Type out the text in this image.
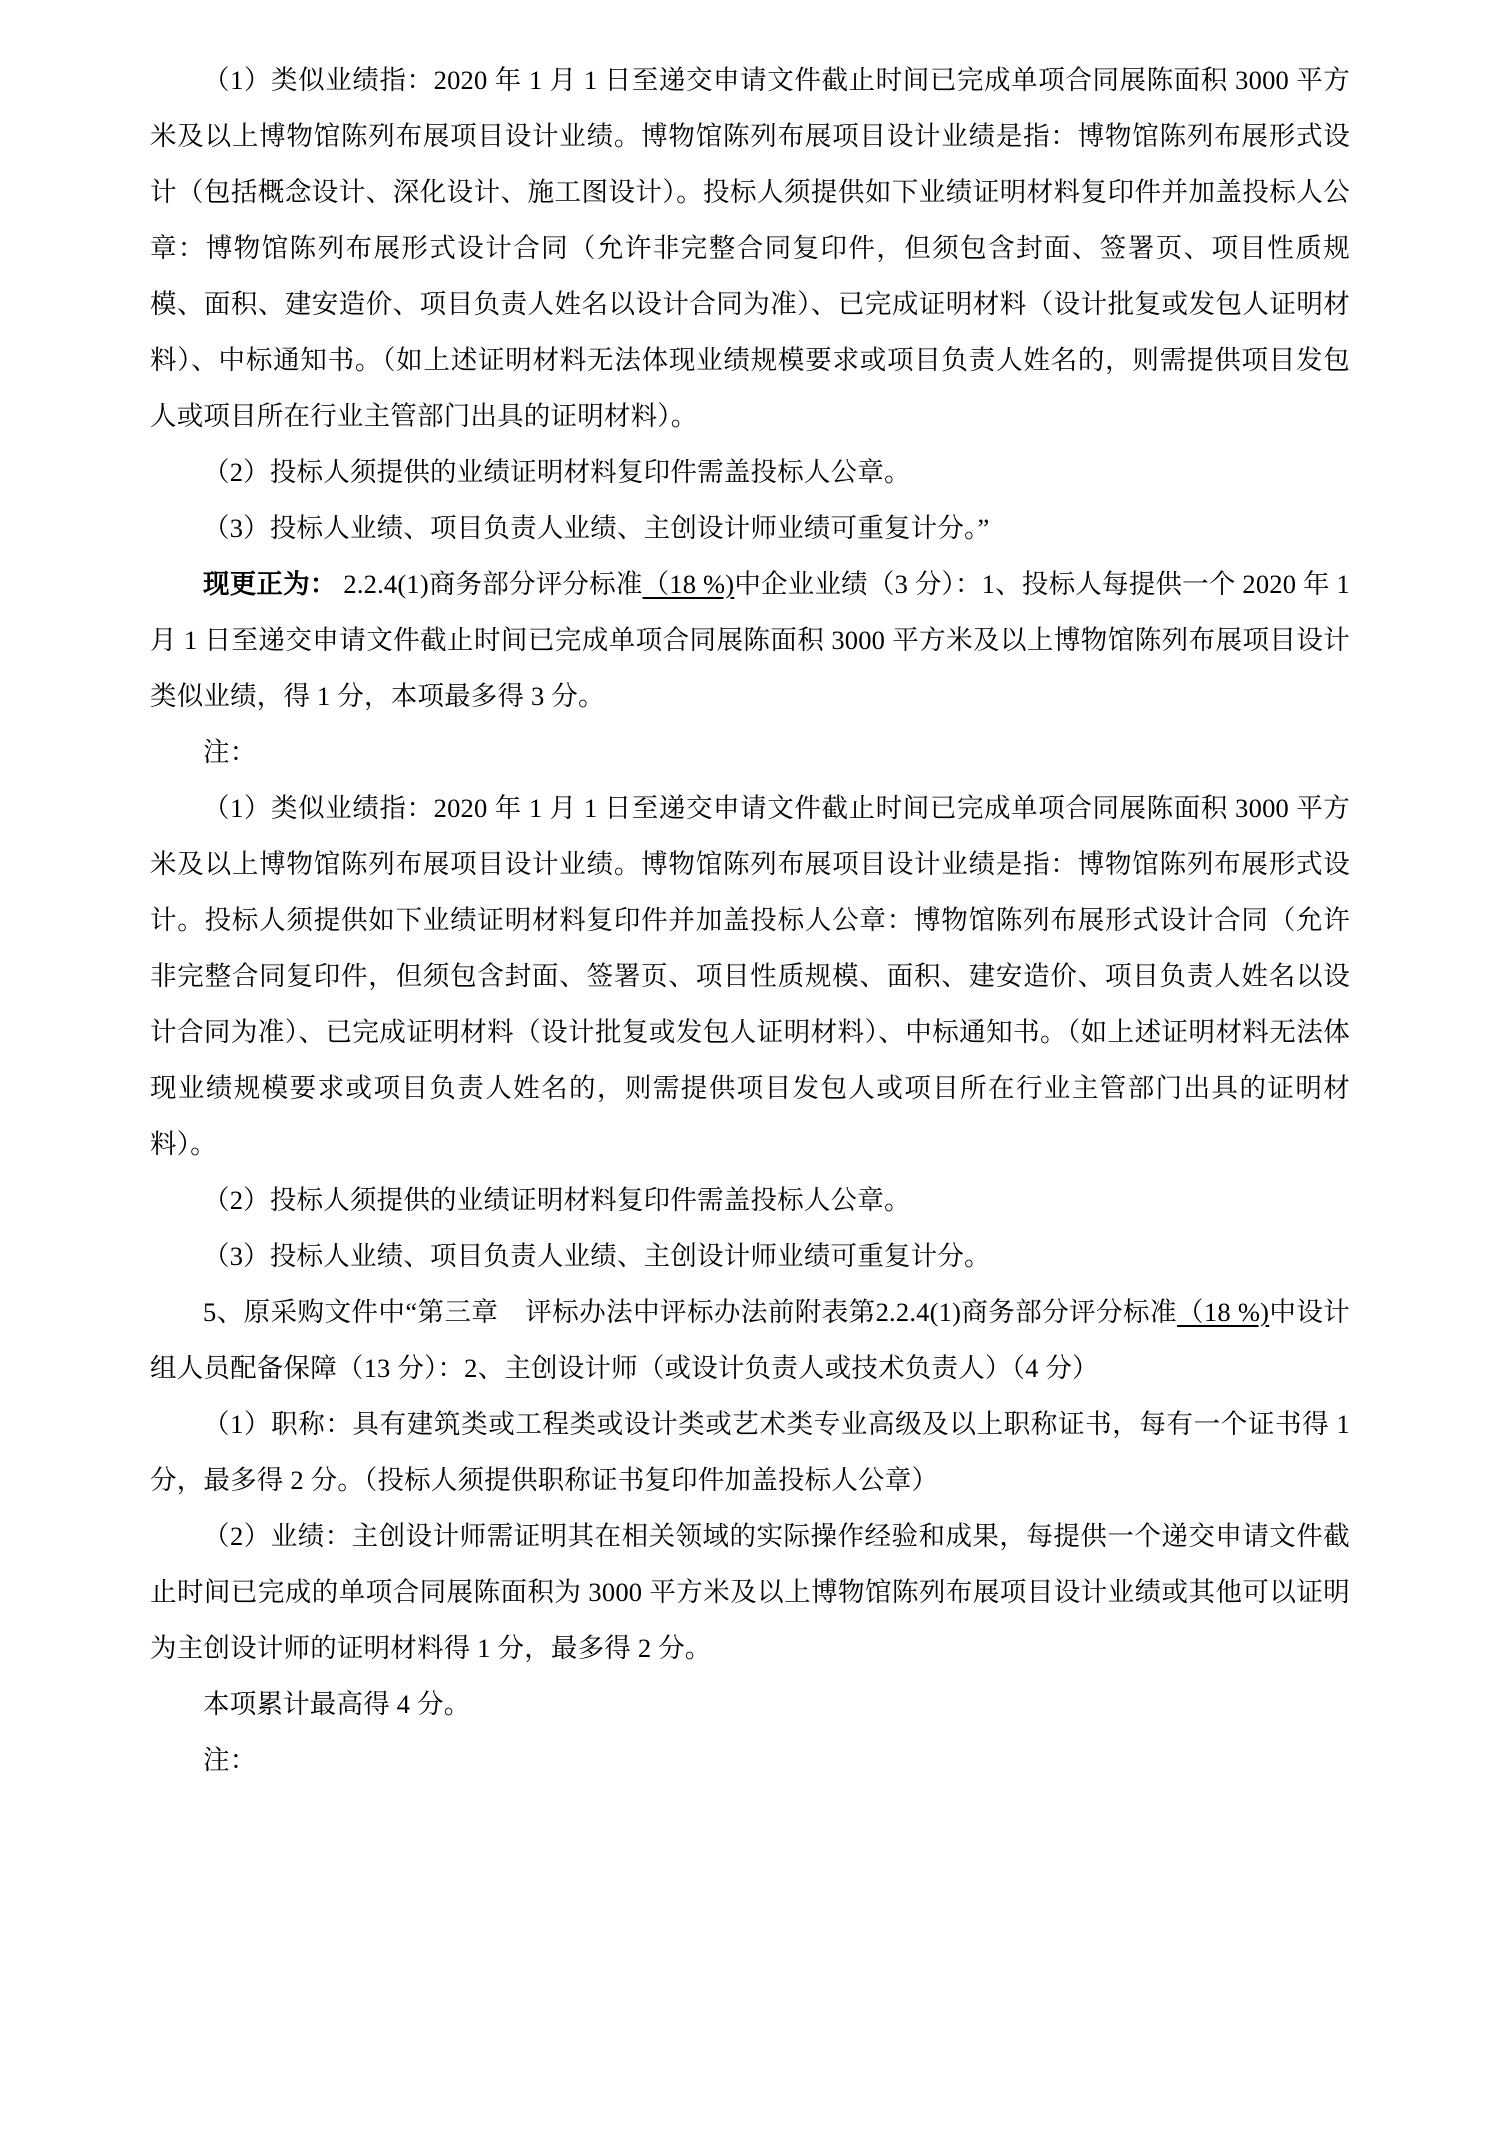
（1）类似业绩指：2020 年 1 月 1 日至递交申请文件截止时间已完成单项合同展陈面积 3000 平方米及以上博物馆陈列布展项目设计业绩。博物馆陈列布展项目设计业绩是指：博物馆陈列布展形式设计（包括概念设计、深化设计、施工图设计）。投标人须提供如下业绩证明材料复印件并加盖投标人公章：博物馆陈列布展形式设计合同（允许非完整合同复印件，但须包含封面、签署页、项目性质规模、面积、建安造价、项目负责人姓名以设计合同为准）、已完成证明材料（设计批复或发包人证明材料）、中标通知书。（如上述证明材料无法体现业绩规模要求或项目负责人姓名的，则需提供项目发包人或项目所在行业主管部门出具的证明材料）。

（2）投标人须提供的业绩证明材料复印件需盖投标人公章。

（3）投标人业绩、项目负责人业绩、主创设计师业绩可重复计分。”

现更正为： 2.2.4(1)商务部分评分标准（18 %)中企业业绩（3 分）：1、投标人每提供一个 2020 年 1 月 1 日至递交申请文件截止时间已完成单项合同展陈面积 3000 平方米及以上博物馆陈列布展项目设计类似业绩，得 1 分，本项最多得 3 分。

注：

（1）类似业绩指：2020 年 1 月 1 日至递交申请文件截止时间已完成单项合同展陈面积 3000 平方米及以上博物馆陈列布展项目设计业绩。博物馆陈列布展项目设计业绩是指：博物馆陈列布展形式设计。投标人须提供如下业绩证明材料复印件并加盖投标人公章：博物馆陈列布展形式设计合同（允许非完整合同复印件，但须包含封面、签署页、项目性质规模、面积、建安造价、项目负责人姓名以设计合同为准）、已完成证明材料（设计批复或发包人证明材料）、中标通知书。（如上述证明材料无法体现业绩规模要求或项目负责人姓名的，则需提供项目发包人或项目所在行业主管部门出具的证明材料）。

（2）投标人须提供的业绩证明材料复印件需盖投标人公章。

（3）投标人业绩、项目负责人业绩、主创设计师业绩可重复计分。

5、原采购文件中“第三章　评标办法中评标办法前附表第2.2.4(1)商务部分评分标准（18 %)中设计组人员配备保障（13 分）：2、主创设计师（或设计负责人或技术负责人）（4 分）

（1）职称：具有建筑类或工程类或设计类或艺术类专业高级及以上职称证书，每有一个证书得 1 分，最多得 2 分。（投标人须提供职称证书复印件加盖投标人公章）

（2）业绩：主创设计师需证明其在相关领域的实际操作经验和成果，每提供一个递交申请文件截止时间已完成的单项合同展陈面积为 3000 平方米及以上博物馆陈列布展项目设计业绩或其他可以证明为主创设计师的证明材料得 1 分，最多得 2 分。

本项累计最高得 4 分。

注：
